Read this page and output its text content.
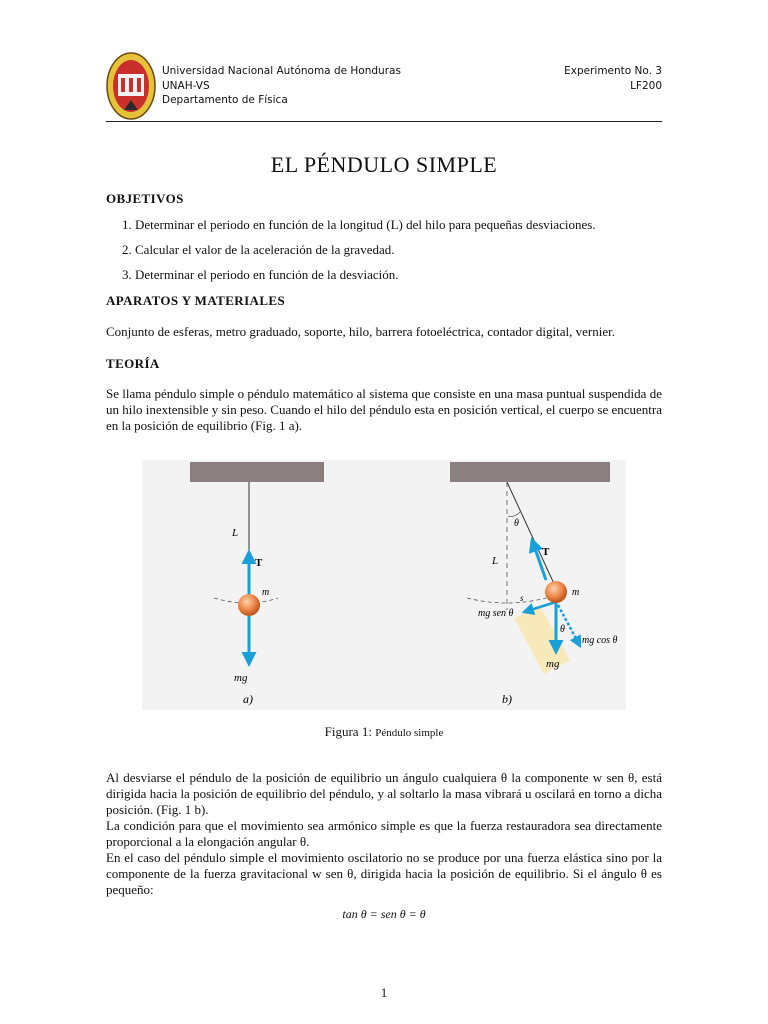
Universidad Nacional Autónoma de Honduras
UNAH-VS
Departamento de Física
Experimento No. 3
LF200
EL PÉNDULO SIMPLE
OBJETIVOS
1. Determinar el periodo en función de la longitud (L) del hilo para pequeñas desviaciones.
2. Calcular el valor de la aceleración de la gravedad.
3. Determinar el periodo en función de la desviación.
APARATOS Y MATERIALES
Conjunto de esferas, metro graduado, soporte, hilo, barrera fotoeléctrica, contador digital, vernier.
TEORÍA
Se llama péndulo simple o péndulo matemático al sistema que consiste en una masa puntual suspendida de un hilo inextensible y sin peso. Cuando el hilo del péndulo esta en posición vertical, el cuerpo se encuentra en la posición de equilibrio (Fig. 1 a).
L
T
m
mg
a)
θ
L
T
m
s
mg sen θ
θ
mg cos θ
mg
b)
Figura 1: Péndulo simple
Al desviarse el péndulo de la posición de equilibrio un ángulo cualquiera θ la componente w sen θ, está dirigida hacia la posición de equilibrio del péndulo, y al soltarlo la masa vibrará u oscilará en torno a dicha posición. (Fig. 1 b).
La condición para que el movimiento sea armónico simple es que la fuerza restauradora sea directamente proporcional a la elongación angular θ.
En el caso del péndulo simple el movimiento oscilatorio no se produce por una fuerza elástica sino por la componente de la fuerza gravitacional w sen θ, dirigida hacia la posición de equilibrio. Si el ángulo θ es pequeño:
tan θ = sen θ = θ
1
